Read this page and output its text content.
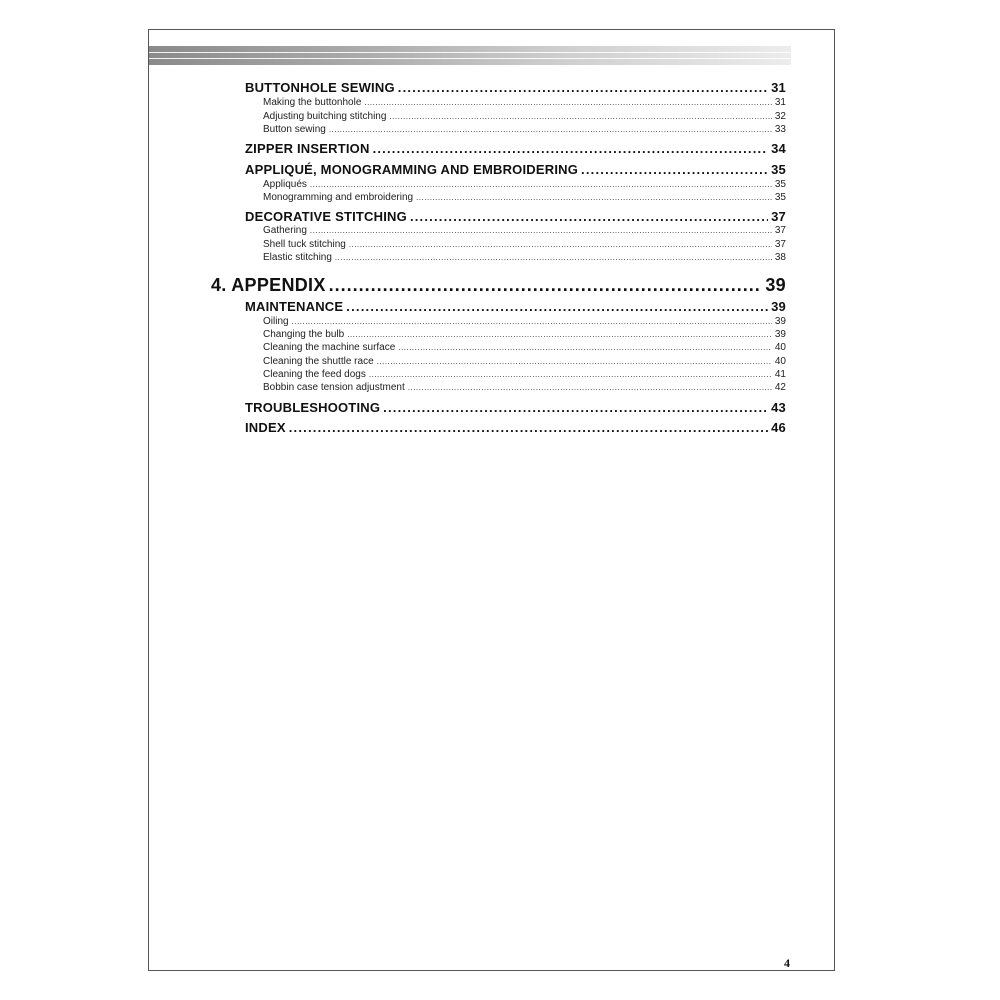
BUTTONHOLE SEWING .....	31
Making the buttonhole .....	31
Adjusting buitching stitching .....	32
Button sewing .....	33
ZIPPER INSERTION .....	34
APPLIQUÉ, MONOGRAMMING AND EMBROIDERING .....	35
Appliqués .....	35
Monogramming and embroidering .....	35
DECORATIVE STITCHING .....	37
Gathering .....	37
Shell tuck stitching .....	37
Elastic stitching .....	38
4. APPENDIX .....	39
MAINTENANCE .....	39
Oiling .....	39
Changing the bulb .....	39
Cleaning the machine surface .....	40
Cleaning the shuttle race .....	40
Cleaning the feed dogs .....	41
Bobbin case tension adjustment .....	42
TROUBLESHOOTING .....	43
INDEX .....	46
4
